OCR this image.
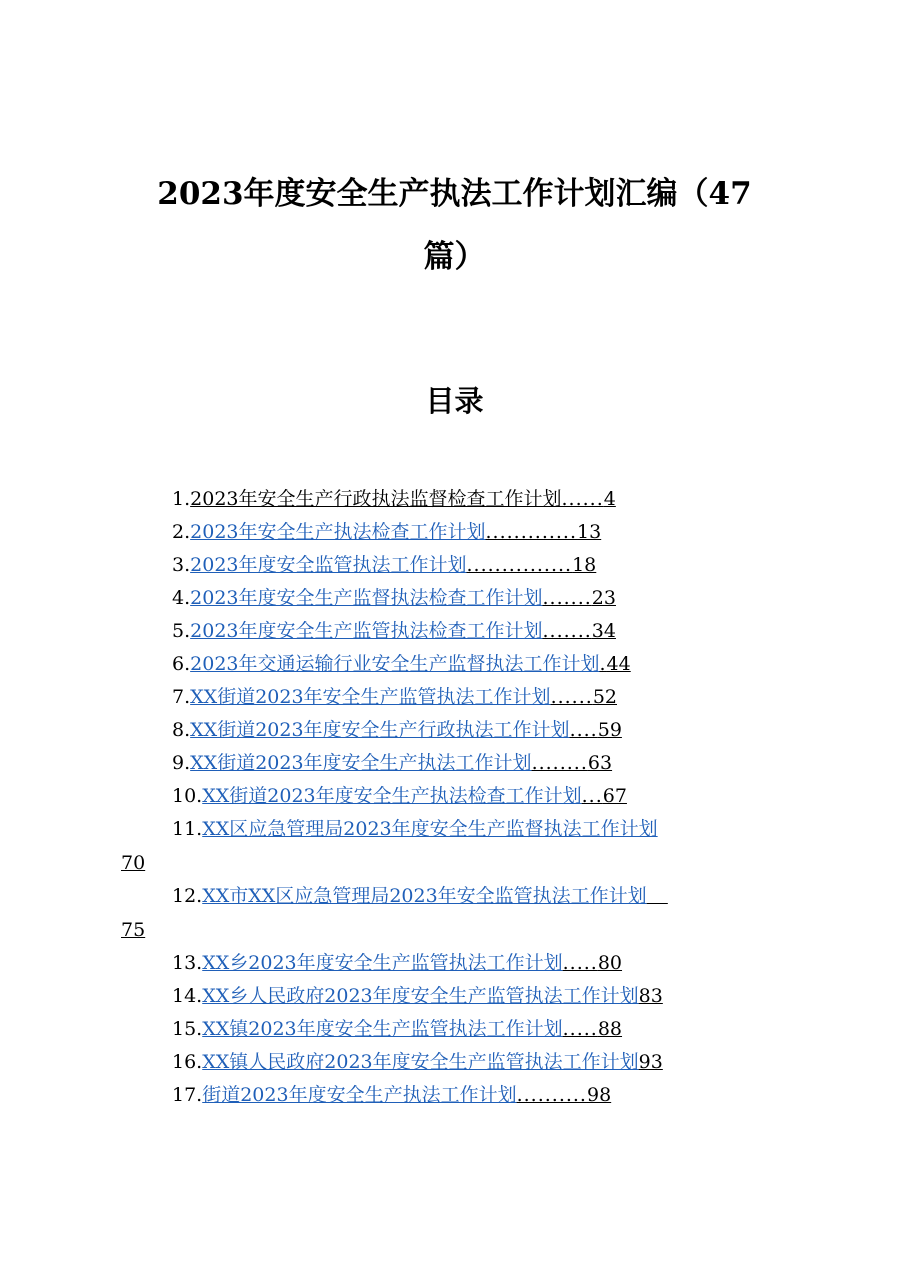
2023年度安全生产执法工作计划汇编（47
篇）
目录
1.2023年安全生产行政执法监督检查工作计划......4
2.2023年安全生产执法检查工作计划.............13
3.2023年度安全监管执法工作计划...............18
4.2023年度安全生产监督执法检查工作计划.......23
5.2023年度安全生产监管执法检查工作计划.......34
6.2023年交通运输行业安全生产监督执法工作计划.44
7.XX街道2023年安全生产监管执法工作计划......52
8.XX街道2023年度安全生产行政执法工作计划....59
9.XX街道2023年度安全生产执法工作计划........63
10.XX街道2023年度安全生产执法检查工作计划...67
11.XX区应急管理局2023年度安全生产监督执法工作计划
70
12.XX市XX区应急管理局2023年安全监管执法工作计划
75
13.XX乡2023年度安全生产监管执法工作计划.....80
14.XX乡人民政府2023年度安全生产监管执法工作计划83
15.XX镇2023年度安全生产监管执法工作计划.....88
16.XX镇人民政府2023年度安全生产监管执法工作计划93
17.街道2023年度安全生产执法工作计划..........98
